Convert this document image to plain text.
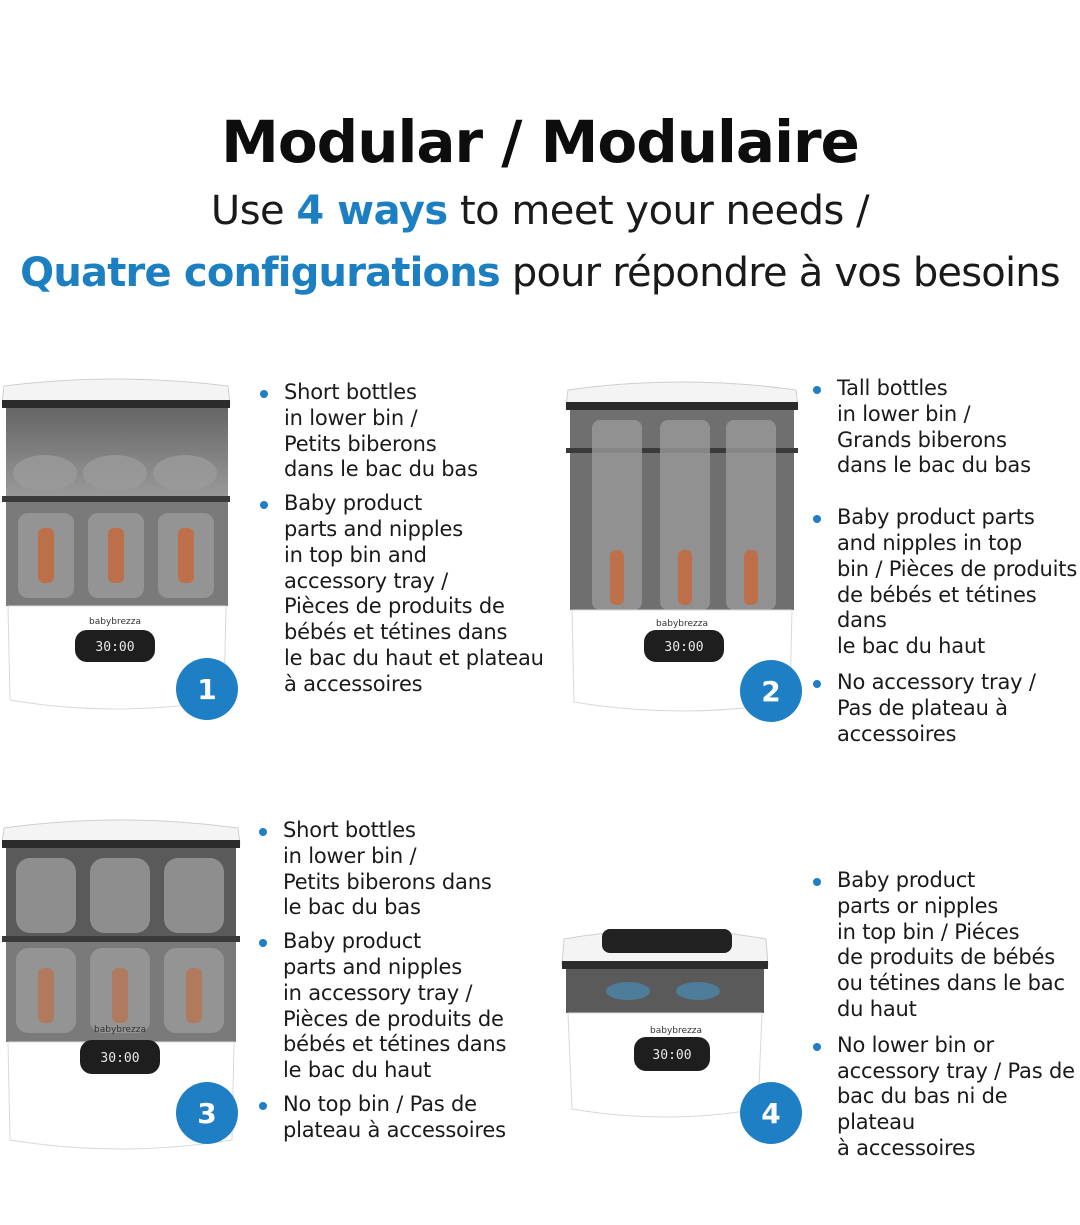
Modular / Modulaire
Use 4 ways to meet your needs /
Quatre configurations pour répondre à vos besoins
babybrezza
30:00
1
Short bottles
in lower bin /
Petits biberons
dans le bac du bas
Baby product
parts and nipples
in top bin and
accessory tray /
Pièces de produits de
bébés et tétines dans
le bac du haut et plateau
à accessoires
babybrezza
30:00
2
Tall bottles
in lower bin /
Grands biberons
dans le bac du bas
Baby product parts
and nipples in top
bin / Pièces de produits
de bébés et tétines dans
le bac du haut
No accessory tray /
Pas de plateau à
accessoires
babybrezza
30:00
3
Short bottles
in lower bin /
Petits biberons dans
le bac du bas
Baby product
parts and nipples
in accessory tray /
Pièces de produits de
bébés et tétines dans
le bac du haut
No top bin / Pas de
plateau à accessoires
babybrezza
30:00
4
Baby product
parts or nipples
in top bin / Piéces
de produits de bébés
ou tétines dans le bac
du haut
No lower bin or
accessory tray / Pas de
bac du bas ni de plateau
à accessoires
